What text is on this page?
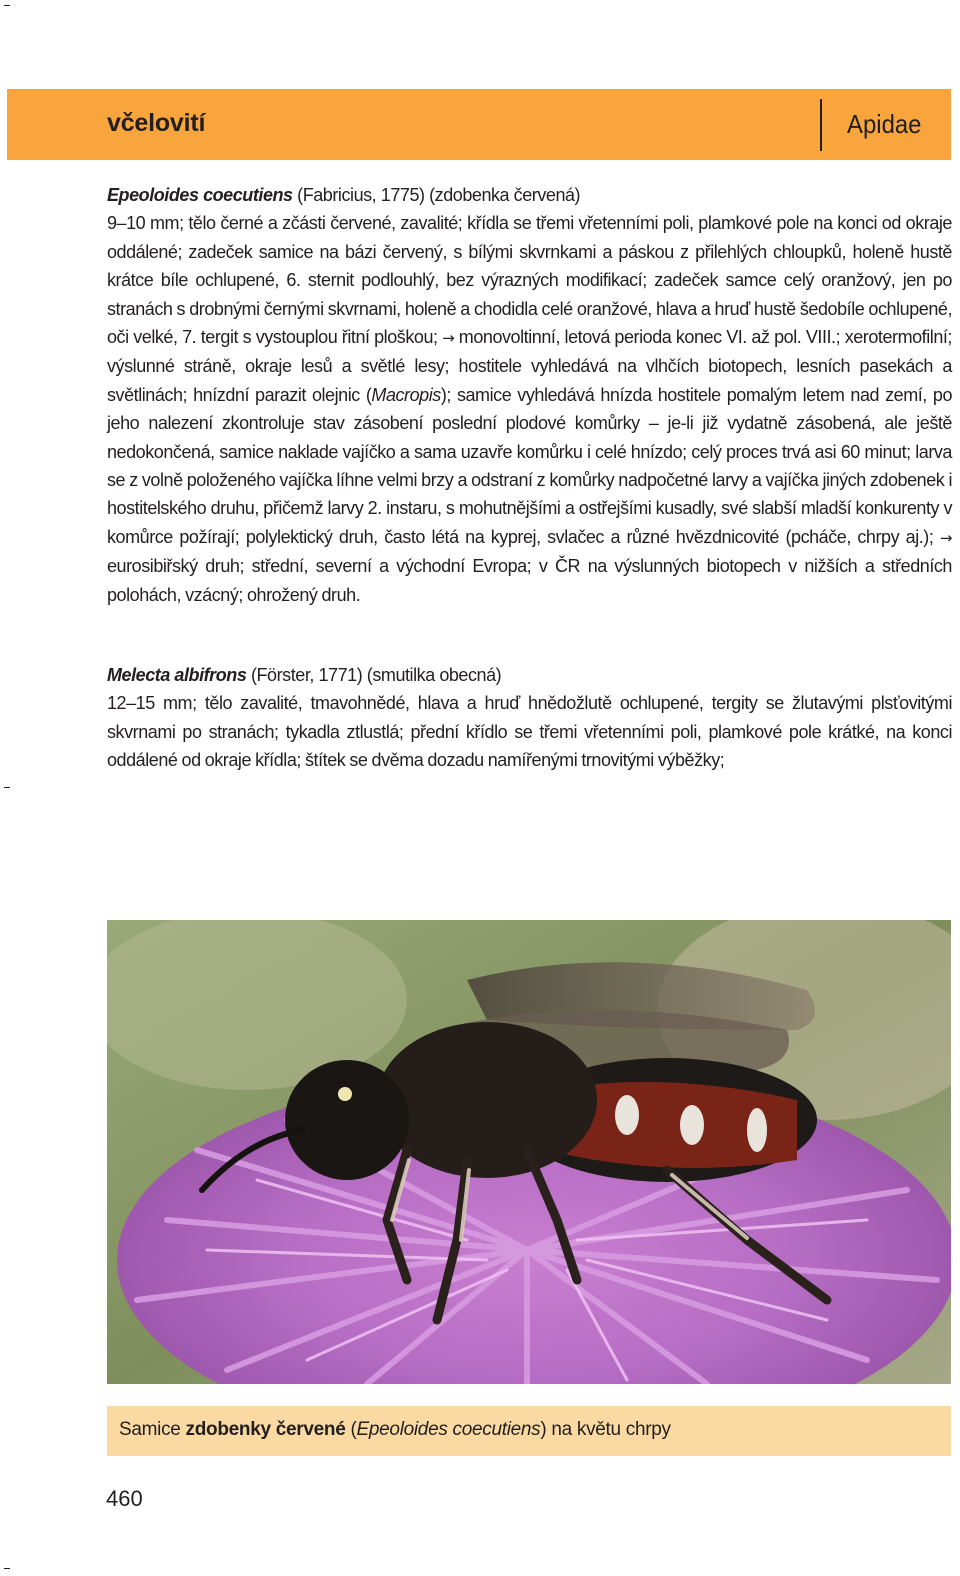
včelovití	Apidae
Epeoloides coecutiens (Fabricius, 1775) (zdobenka červená)

9–10 mm; tělo černé a zčásti červené, zavalité; křídla se třemi vřetenními poli, plamkové pole na konci od okraje oddálené; zadeček samice na bázi červený, s bílými skvrnkami a páskou z přilehlých chloupků, holeně hustě krátce bíle ochlupené, 6. sternit podlouhlý, bez výrazných modifikací; zadeček samce celý oranžový, jen po stranách s drobnými černými skvrnami, holeně a chodidla celé oranžové, hlava a hruď hustě šedobíle ochlupené, oči velké, 7. tergit s vystouplou řitní ploškou; → monovoltinní, letová perioda konec VI. až pol. VIII.; xerotermofilní; výslunné stráně, okraje lesů a světlé lesy; hostitele vyhledává na vlhčích biotopech, lesních pasekách a světlinách; hnízdní parazit olejnic (Macropis); samice vyhledává hnízda hostitele pomalým letem nad zemí, po jeho nalezení zkontroluje stav zásobení poslední plodové komůrky – je-li již vydatně zásobená, ale ještě nedokončená, samice naklade vajíčko a sama uzavře komůrku i celé hnízdo; celý proces trvá asi 60 minut; larva se z volně položeného vajíčka líhne velmi brzy a odstraní z komůrky nadpočetné larvy a vajíčka jiných zdobenek i hostitelského druhu, přičemž larvy 2. instaru, s mohutnějšími a ostřejšími kusadly, své slabší mladší konkurenty v komůrce požírají; polylektický druh, často létá na kyprej, svlačec a různé hvězdnicovité (pcháče, chrpy aj.); → eurosibiřský druh; střední, severní a východní Evropa; v ČR na výslunných biotopech v nižších a středních polohách, vzácný; ohrožený druh.

Melecta albifrons (Förster, 1771) (smutilka obecná)

12–15 mm; tělo zavalité, tmavohnědé, hlava a hruď hnědožlutě ochlupené, tergity se žlutavými plsťovitými skvrnami po stranách; tykadla ztlustlá; přední křídlo se třemi vřetenními poli, plamkové pole krátké, na konci oddálené od okraje křídla; štítek se dvěma dozadu namířenými trnovitými výběžky;

Samice zdobenky červené (Epeoloides coecutiens) na květu chrpy
460
